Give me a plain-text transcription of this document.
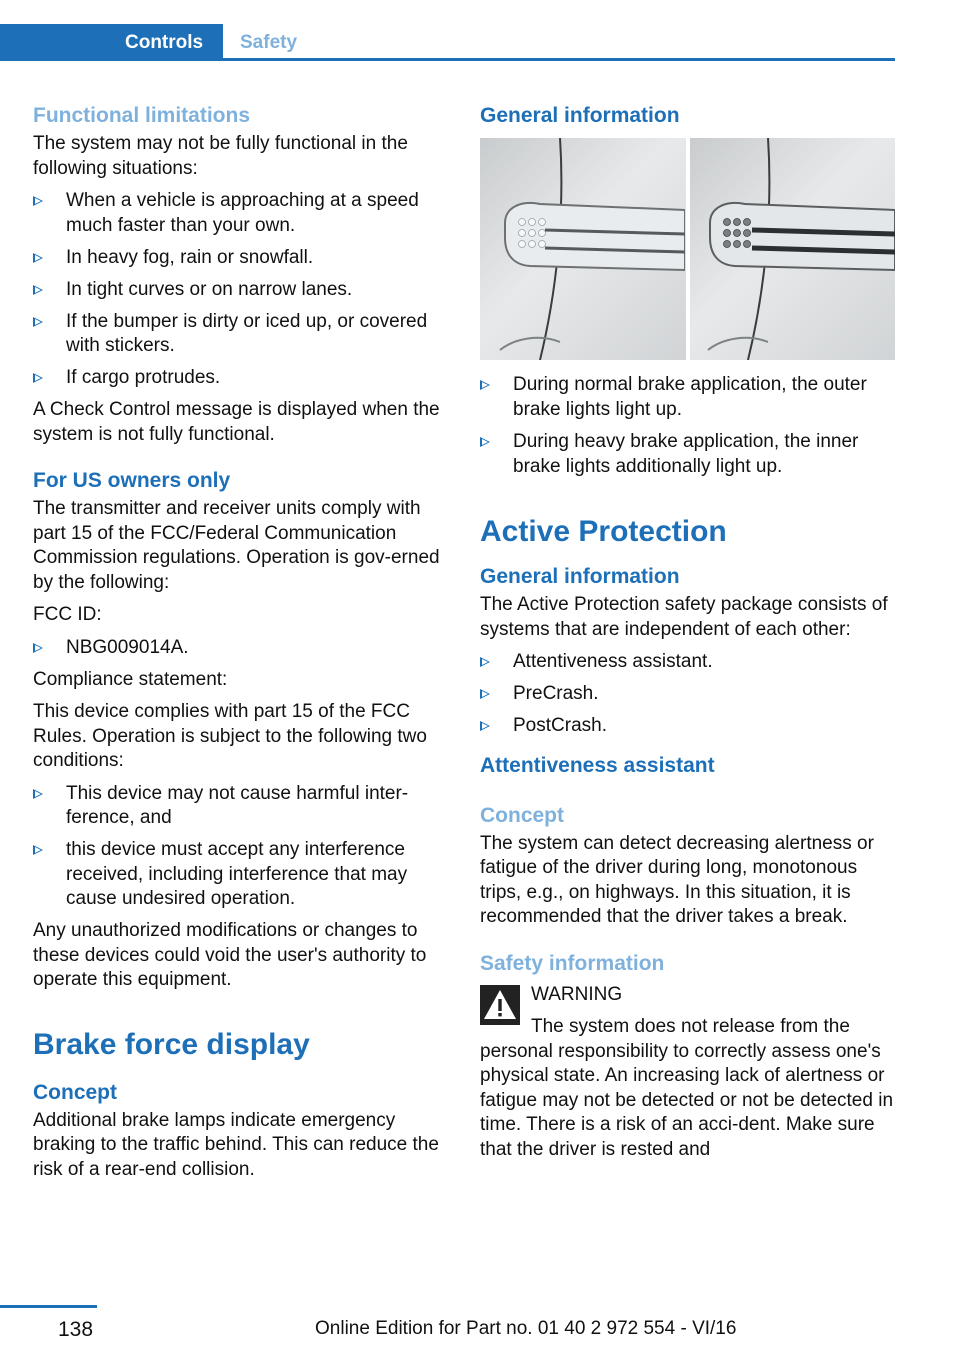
Controls	Safety
Functional limitations

The system may not be fully functional in the following situations:

When a vehicle is approaching at a speed much faster than your own.
In heavy fog, rain or snowfall.
In tight curves or on narrow lanes.
If the bumper is dirty or iced up, or covered with stickers.
If cargo protrudes.

A Check Control message is displayed when the system is not fully functional.

For US owners only

The transmitter and receiver units comply with part 15 of the FCC/Federal Communication Commission regulations. Operation is gov‐erned by the following:

FCC ID:

NBG009014A.

Compliance statement:

This device complies with part 15 of the FCC Rules. Operation is subject to the following two conditions:

This device may not cause harmful inter‐ference, and
this device must accept any interference received, including interference that may cause undesired operation.

Any unauthorized modifications or changes to these devices could void the user's authority to operate this equipment.

Brake force display
Concept

Additional brake lamps indicate emergency braking to the traffic behind. This can reduce the risk of a rear-end collision.

General information
During normal brake application, the outer brake lights light up.
During heavy brake application, the inner brake lights additionally light up.
Active Protection
General information

The Active Protection safety package consists of systems that are independent of each other:

Attentiveness assistant.
PreCrash.
PostCrash.
Attentiveness assistant
Concept

The system can detect decreasing alertness or fatigue of the driver during long, monotonous trips, e.g., on highways. In this situation, it is recommended that the driver takes a break.

Safety information

WARNING

The system does not release from the

personal responsibility to correctly assess one's physical state. An increasing lack of alertness or fatigue may not be detected or not be detected in time. There is a risk of an acci‐dent. Make sure that the driver is rested and

138	Online Edition for Part no. 01 40 2 972 554 - VI/16
